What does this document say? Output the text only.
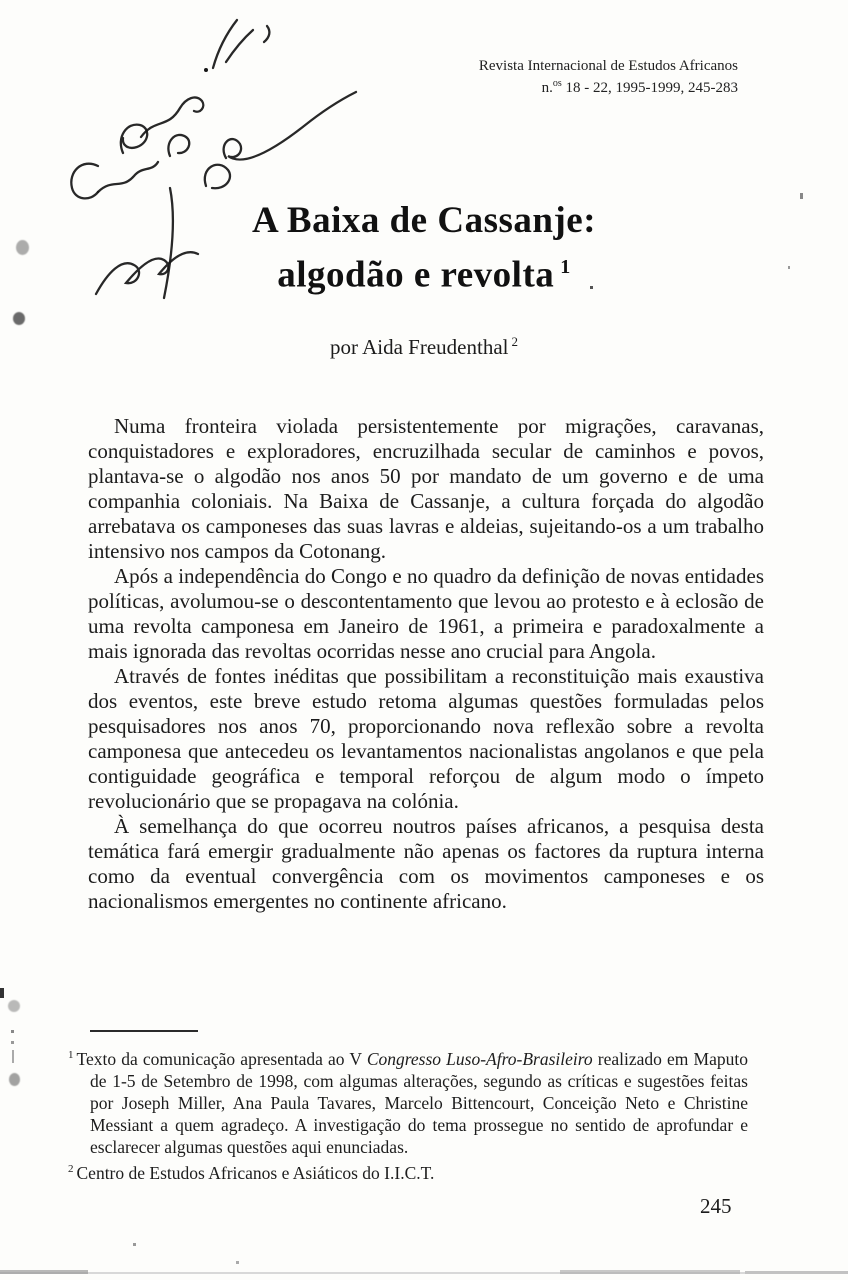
Revista Internacional de Estudos Africanos
n.$^{os}$ 18 - 22, 1995-1999, 245-283
A Baixa de Cassanje:
algodão e revolta $^1$
por Aida Freudenthal $^2$

Numa fronteira violada persistentemente por migrações, caravanas, conquistadores e exploradores, encruzilhada secular de caminhos e povos, plantava-se o algodão nos anos 50 por mandato de um governo e de uma companhia coloniais. Na Baixa de Cassanje, a cultura forçada do algodão arrebatava os camponeses das suas lavras e aldeias, sujeitando-os a um trabalho intensivo nos campos da Cotonang.

Após a independência do Congo e no quadro da definição de novas entidades políticas, avolumou-se o descontentamento que levou ao protesto e à eclosão de uma revolta camponesa em Janeiro de 1961, a primeira e paradoxalmente a mais ignorada das revoltas ocorridas nesse ano crucial para Angola.

Através de fontes inéditas que possibilitam a reconstituição mais exaustiva dos eventos, este breve estudo retoma algumas questões formuladas pelos pesquisadores nos anos 70, proporcionando nova reflexão sobre a revolta camponesa que antecedeu os levantamentos nacionalistas angolanos e que pela contiguidade geográfica e temporal reforçou de algum modo o ímpeto revolucionário que se propagava na colónia.

À semelhança do que ocorreu noutros países africanos, a pesquisa desta temática fará emergir gradualmente não apenas os factores da ruptura interna como da eventual convergência com os movimentos camponeses e os nacionalismos emergentes no continente africano.

$^1$ Texto da comunicação apresentada ao V Congresso Luso-Afro-Brasileiro realizado em Maputo de 1-5 de Setembro de 1998, com algumas alterações, segundo as críticas e sugestões feitas por Joseph Miller, Ana Paula Tavares, Marcelo Bittencourt, Conceição Neto e Christine Messiant a quem agradeço. A investigação do tema prossegue no sentido de aprofundar e esclarecer algumas questões aqui enunciadas.

$^2$ Centro de Estudos Africanos e Asiáticos do I.I.C.T.

245
